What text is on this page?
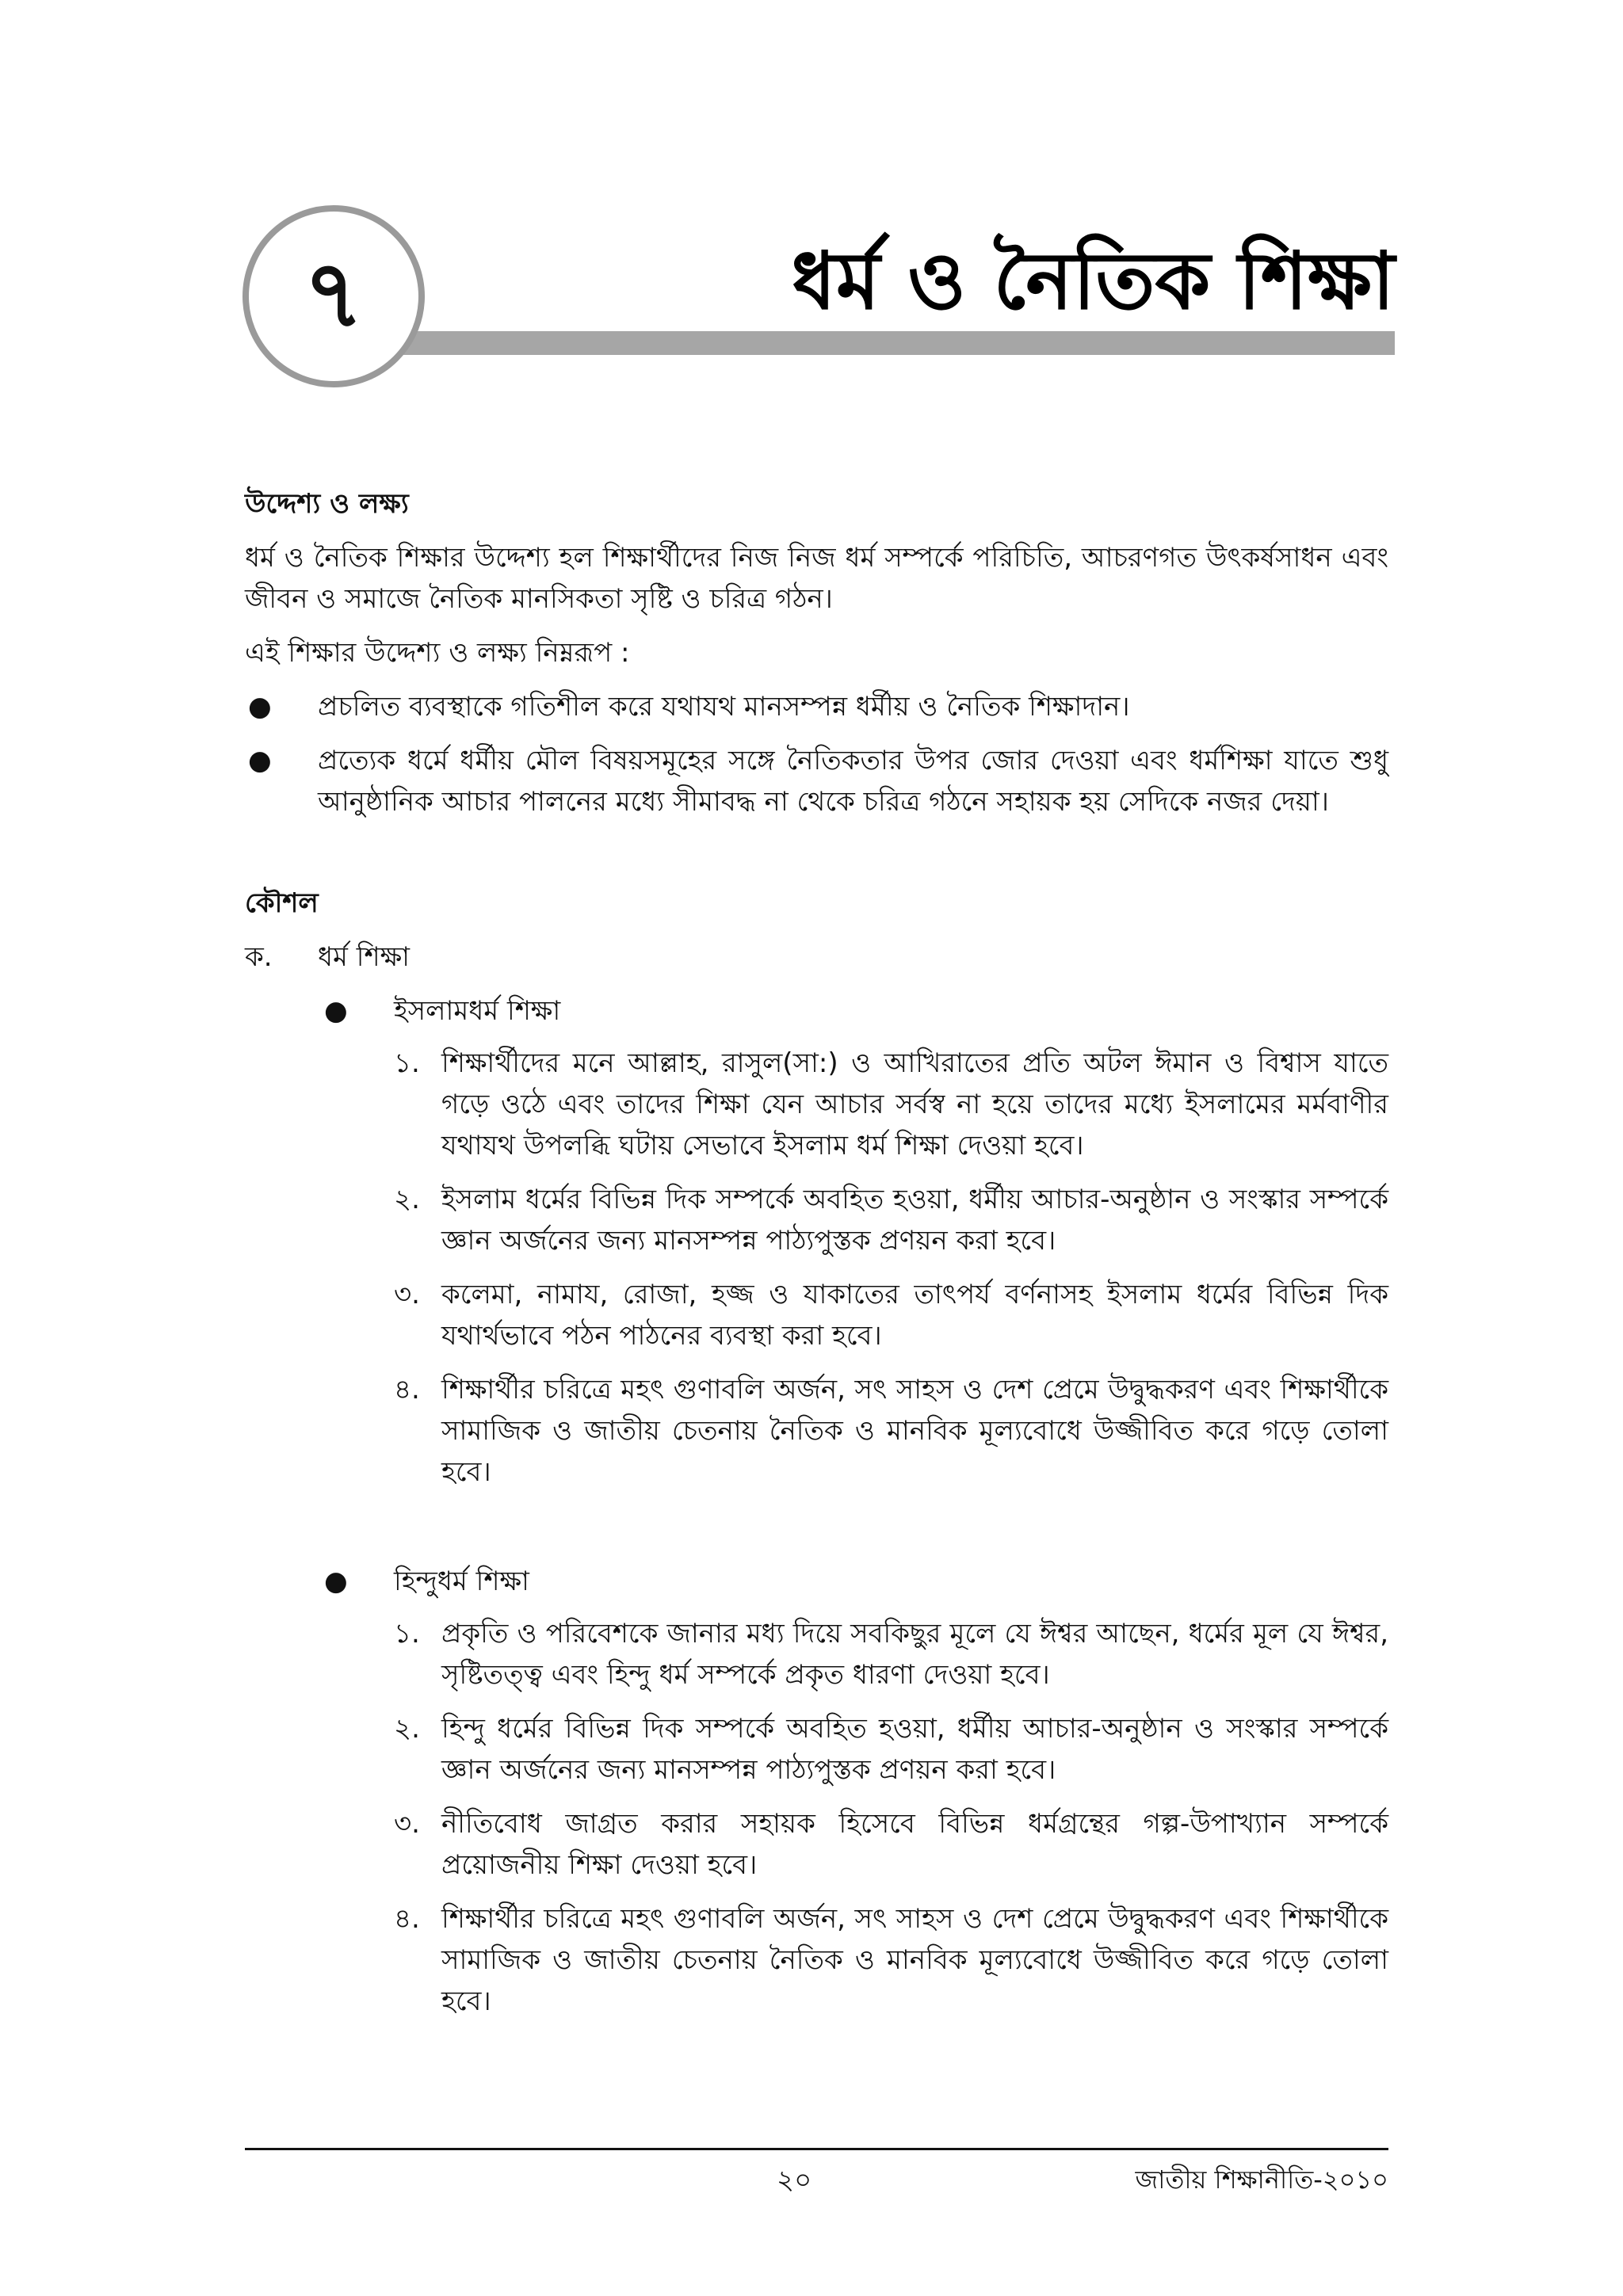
৭	ধর্ম ও নৈতিক শিক্ষা
উদ্দেশ্য ও লক্ষ্য

ধর্ম ও নৈতিক শিক্ষার উদ্দেশ্য হল শিক্ষার্থীদের নিজ নিজ ধর্ম সম্পর্কে পরিচিতি, আচরণগত উৎকর্ষসাধন এবং জীবন ও সমাজে নৈতিক মানসিকতা সৃষ্টি ও চরিত্র গঠন।

এই শিক্ষার উদ্দেশ্য ও লক্ষ্য নিম্নরূপ :

● প্রচলিত ব্যবস্থাকে গতিশীল করে যথাযথ মানসম্পন্ন ধর্মীয় ও নৈতিক শিক্ষাদান।
● প্রত্যেক ধর্মে ধর্মীয় মৌল বিষয়সমূহের সঙ্গে নৈতিকতার উপর জোর দেওয়া এবং ধর্মশিক্ষা যাতে শুধু আনুষ্ঠানিক আচার পালনের মধ্যে সীমাবদ্ধ না থেকে চরিত্র গঠনে সহায়ক হয় সেদিকে নজর দেয়া।
কৌশল
ক.	ধর্ম শিক্ষা
● ইসলামধর্ম শিক্ষা
১. শিক্ষার্থীদের মনে আল্লাহ, রাসুল(সা:) ও আখিরাতের প্রতি অটল ঈমান ও বিশ্বাস যাতে গড়ে ওঠে এবং তাদের শিক্ষা যেন আচার সর্বস্ব না হয়ে তাদের মধ্যে ইসলামের মর্মবাণীর যথাযথ উপলব্ধি ঘটায় সেভাবে ইসলাম ধর্ম শিক্ষা দেওয়া হবে।
২. ইসলাম ধর্মের বিভিন্ন দিক সম্পর্কে অবহিত হওয়া, ধর্মীয় আচার-অনুষ্ঠান ও সংস্কার সম্পর্কে জ্ঞান অর্জনের জন্য মানসম্পন্ন পাঠ্যপুস্তক প্রণয়ন করা হবে।
৩. কলেমা, নামায, রোজা, হজ্জ ও যাকাতের তাৎপর্য বর্ণনাসহ ইসলাম ধর্মের বিভিন্ন দিক যথার্থভাবে পঠন পাঠনের ব্যবস্থা করা হবে।
৪. শিক্ষার্থীর চরিত্রে মহৎ গুণাবলি অর্জন, সৎ সাহস ও দেশ প্রেমে উদ্বুদ্ধকরণ এবং শিক্ষার্থীকে সামাজিক ও জাতীয় চেতনায় নৈতিক ও মানবিক মূল্যবোধে উজ্জীবিত করে গড়ে তোলা হবে।
● হিন্দুধর্ম শিক্ষা
১. প্রকৃতি ও পরিবেশকে জানার মধ্য দিয়ে সবকিছুর মূলে যে ঈশ্বর আছেন, ধর্মের মূল যে ঈশ্বর, সৃষ্টিতত্ত্ব এবং হিন্দু ধর্ম সম্পর্কে প্রকৃত ধারণা দেওয়া হবে।
২. হিন্দু ধর্মের বিভিন্ন দিক সম্পর্কে অবহিত হওয়া, ধর্মীয় আচার-অনুষ্ঠান ও সংস্কার সম্পর্কে জ্ঞান অর্জনের জন্য মানসম্পন্ন পাঠ্যপুস্তক প্রণয়ন করা হবে।
৩. নীতিবোধ জাগ্রত করার সহায়ক হিসেবে বিভিন্ন ধর্মগ্রন্থের গল্প-উপাখ্যান সম্পর্কে প্রয়োজনীয় শিক্ষা দেওয়া হবে।
৪. শিক্ষার্থীর চরিত্রে মহৎ গুণাবলি অর্জন, সৎ সাহস ও দেশ প্রেমে উদ্বুদ্ধকরণ এবং শিক্ষার্থীকে সামাজিক ও জাতীয় চেতনায় নৈতিক ও মানবিক মূল্যবোধে উজ্জীবিত করে গড়ে তোলা হবে।
২০	জাতীয় শিক্ষানীতি-২০১০
